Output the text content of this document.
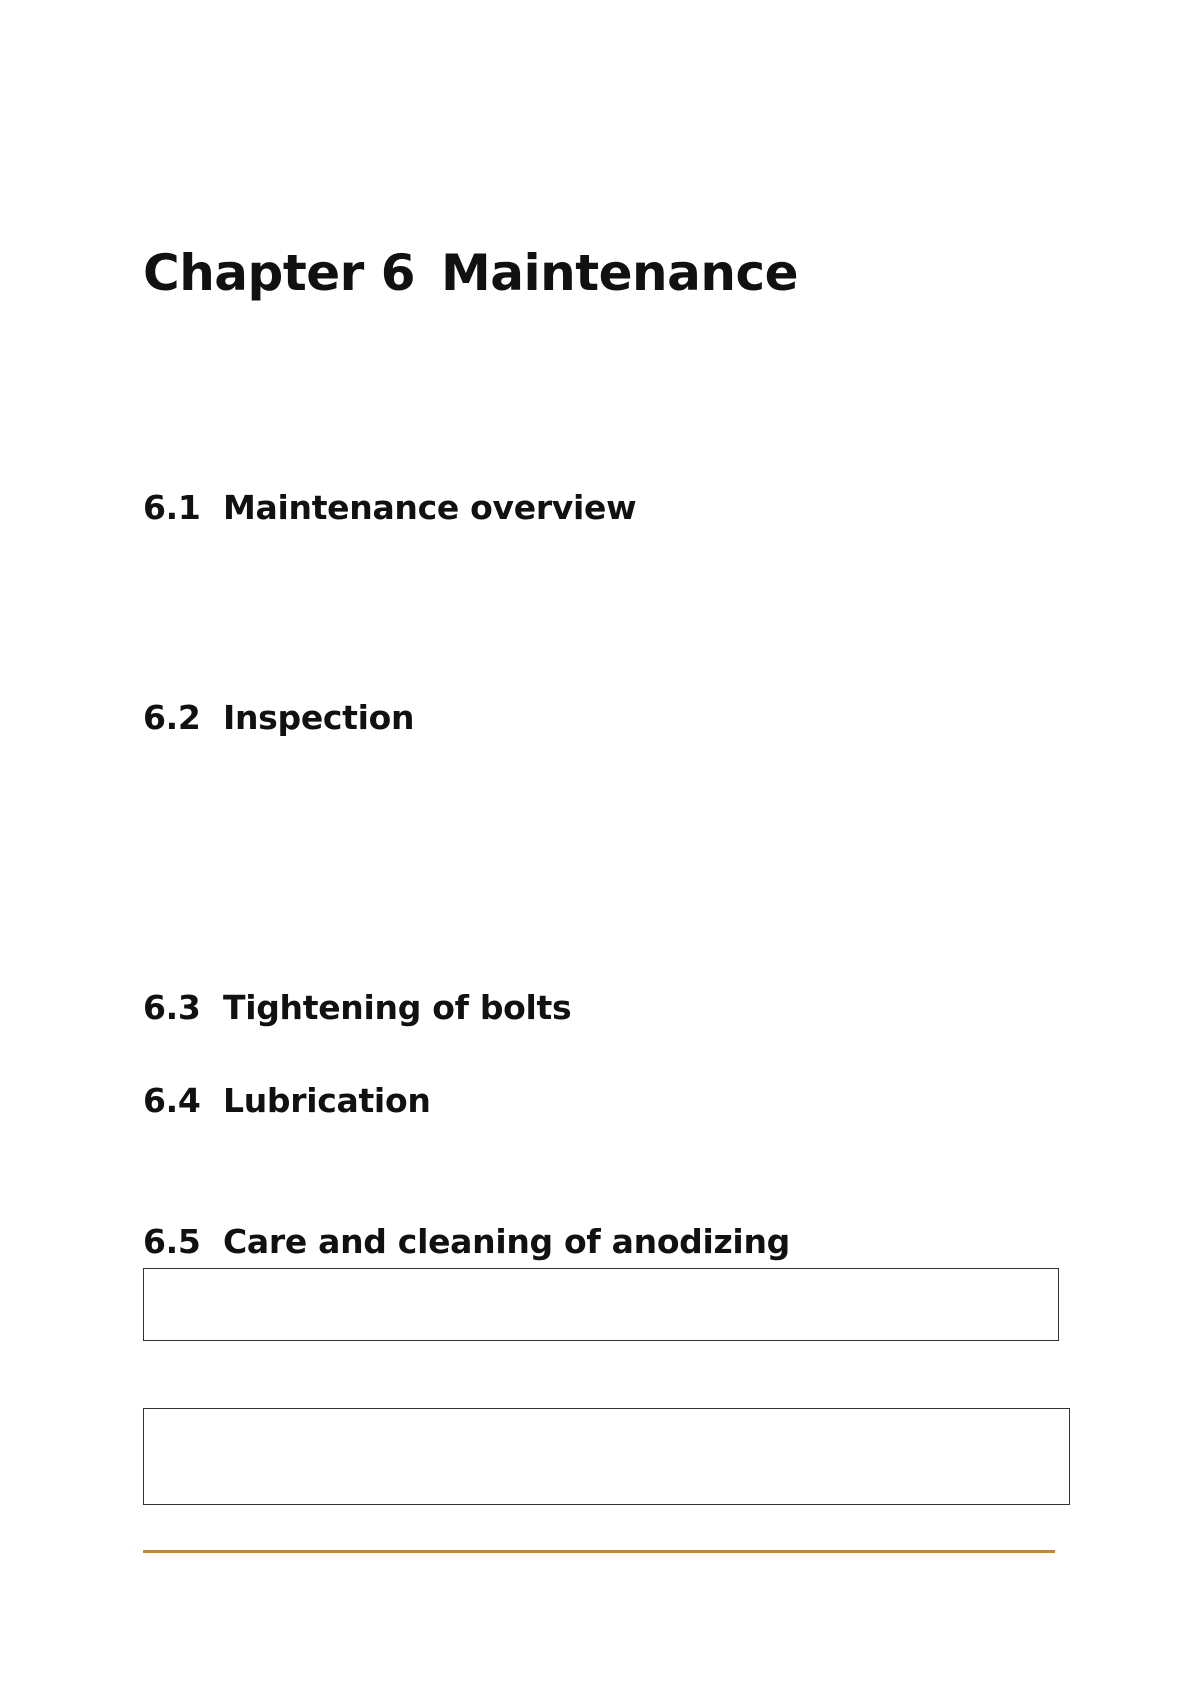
Chapter 6 Maintenance
6.1 Maintenance overview
6.2 Inspection
6.3 Tightening of bolts
6.4 Lubrication
6.5 Care and cleaning of anodizing
